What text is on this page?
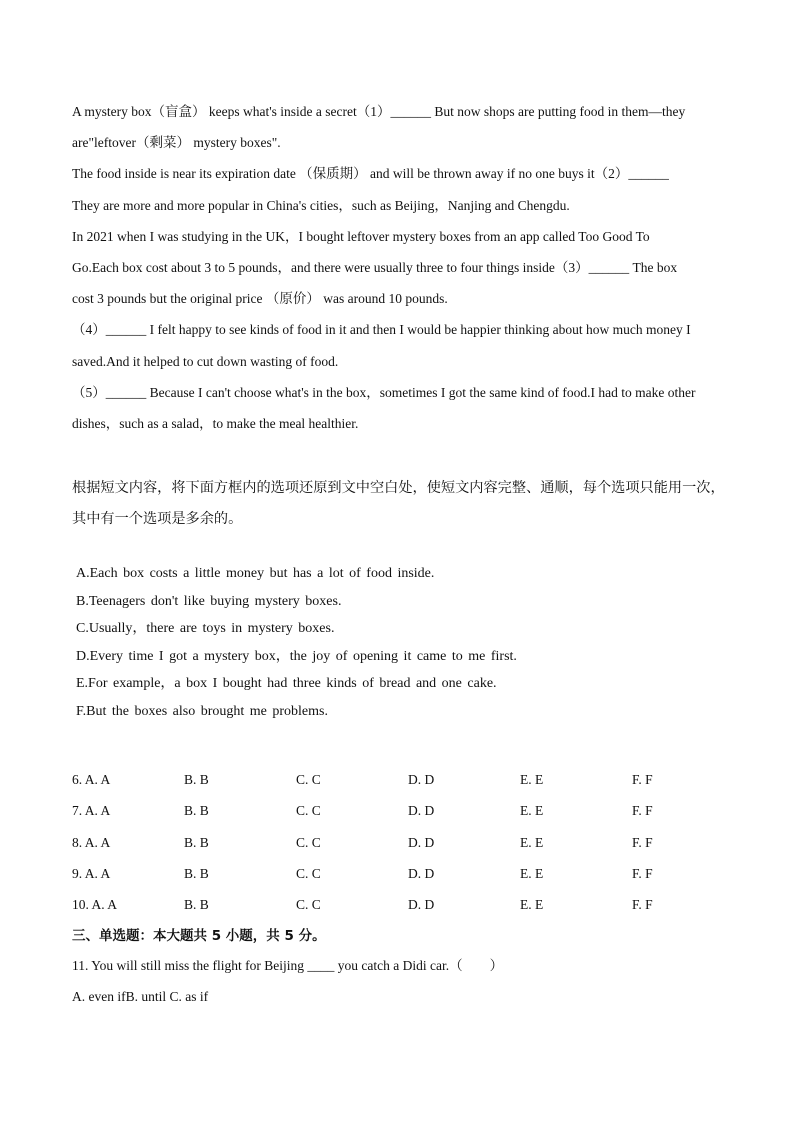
A mystery box（盲盒） keeps what's inside a secret（1）______ But now shops are putting food in them—they
are"leftover（剩菜） mystery boxes".
The food inside is near its expiration date （保质期） and will be thrown away if no one buys it（2）______
They are more and more popular in China's cities，such as Beijing，Nanjing and Chengdu.
In 2021 when I was studying in the UK，I bought leftover mystery boxes from an app called Too Good To
Go.Each box cost about 3 to 5 pounds，and there were usually three to four things inside（3）______ The box
cost 3 pounds but the original price （原价） was around 10 pounds.
（4）______ I felt happy to see kinds of food in it and then I would be happier thinking about how much money I
saved.And it helped to cut down wasting of food.
（5）______ Because I can't choose what's in the box，sometimes I got the same kind of food.I had to make other
dishes，such as a salad，to make the meal healthier.
根据短文内容，将下面方框内的选项还原到文中空白处，使短文内容完整、通顺，每个选项只能用一次，
其中有一个选项是多余的。
A.Each box costs a little money but has a lot of food inside.
B.Teenagers don't like buying mystery boxes.
C.Usually，there are toys in mystery boxes.
D.Every time I got a mystery box，the joy of opening it came to me first.
E.For example，a box I bought had three kinds of bread and one cake.
F.But the boxes also brought me problems.
6. A. A	B. B	C. C	D. D	E. E	F. F
7. A. A	B. B	C. C	D. D	E. E	F. F
8. A. A	B. B	C. C	D. D	E. E	F. F
9. A. A	B. B	C. C	D. D	E. E	F. F
10. A. A	B. B	C. C	D. D	E. E	F. F
三、单选题：本大题共 5 小题，共 5 分。
11. You will still miss the flight for Beijing ____ you catch a Didi car.（　　）
A. even ifB. until C. as if
